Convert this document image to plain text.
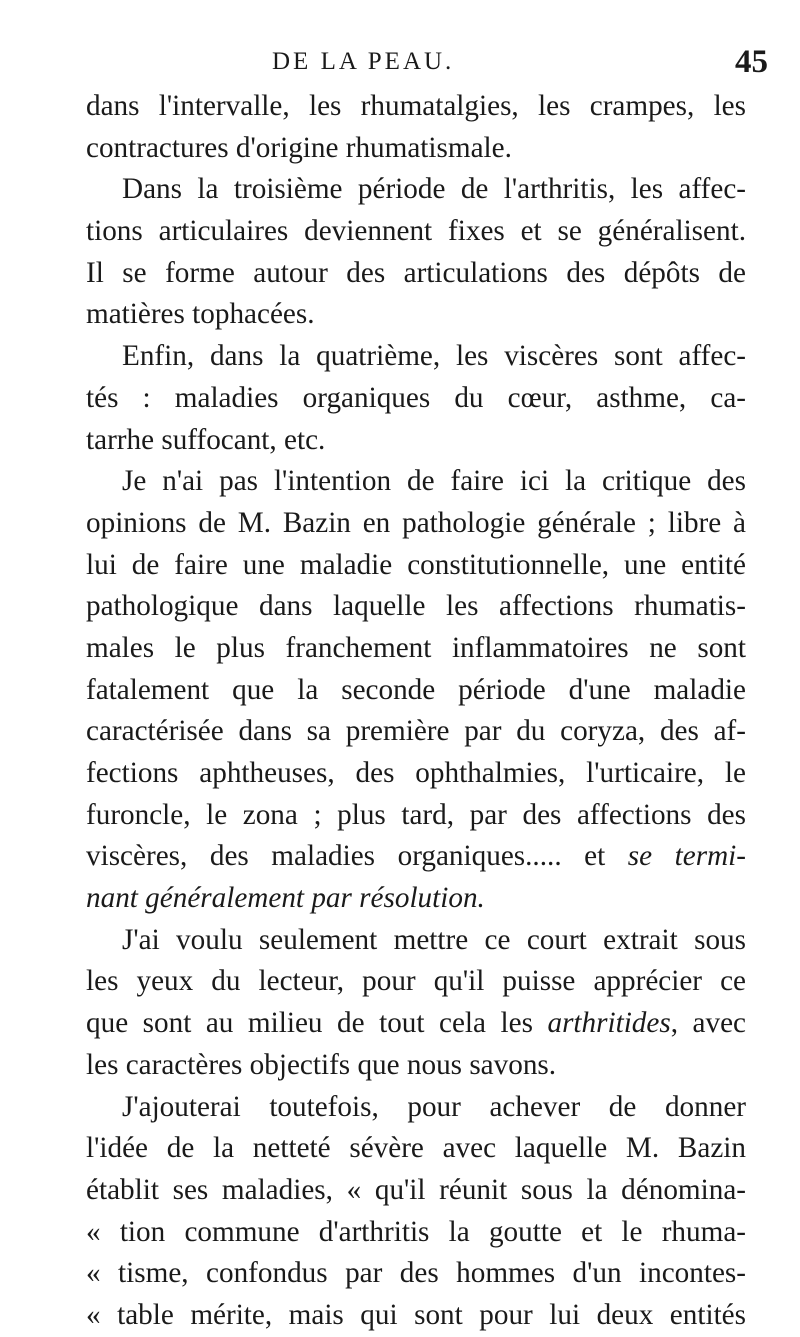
DE LA PEAU.	45
dans l'intervalle, les rhumatalgies, les crampes, les
contractures d'origine rhumatismale.
Dans la troisième période de l'arthritis, les affec-
tions articulaires deviennent fixes et se généralisent.
Il se forme autour des articulations des dépôts de
matières tophacées.
Enfin, dans la quatrième, les viscères sont affec-
tés : maladies organiques du cœur, asthme, ca-
tarrhe suffocant, etc.
Je n'ai pas l'intention de faire ici la critique des
opinions de M. Bazin en pathologie générale ; libre à
lui de faire une maladie constitutionnelle, une entité
pathologique dans laquelle les affections rhumatis-
males le plus franchement inflammatoires ne sont
fatalement que la seconde période d'une maladie
caractérisée dans sa première par du coryza, des af-
fections aphtheuses, des ophthalmies, l'urticaire, le
furoncle, le zona ; plus tard, par des affections des
viscères, des maladies organiques..... et se termi-
nant généralement par résolution.
J'ai voulu seulement mettre ce court extrait sous
les yeux du lecteur, pour qu'il puisse apprécier ce
que sont au milieu de tout cela les arthritides, avec
les caractères objectifs que nous savons.
J'ajouterai toutefois, pour achever de donner
l'idée de la netteté sévère avec laquelle M. Bazin
établit ses maladies, « qu'il réunit sous la dénomina-
« tion commune d'arthritis la goutte et le rhuma-
« tisme, confondus par des hommes d'un incontes-
« table mérite, mais qui sont pour lui deux entités
